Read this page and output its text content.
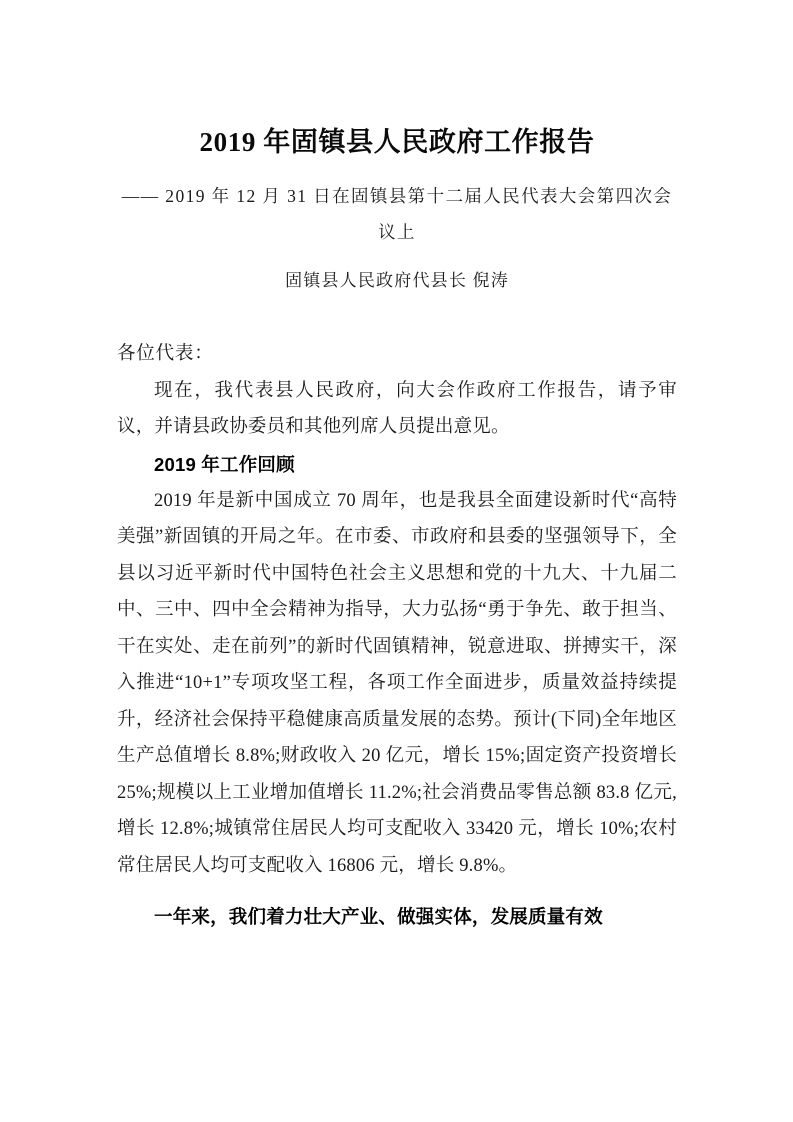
2019 年固镇县人民政府工作报告

—— 2019 年 12 月 31 日在固镇县第十二届人民代表大会第四次会议上

固镇县人民政府代县长 倪涛

各位代表：

现在，我代表县人民政府，向大会作政府工作报告，请予审议，并请县政协委员和其他列席人员提出意见。

2019 年工作回顾

2019 年是新中国成立 70 周年，也是我县全面建设新时代“高特美强”新固镇的开局之年。在市委、市政府和县委的坚强领导下，全县以习近平新时代中国特色社会主义思想和党的十九大、十九届二中、三中、四中全会精神为指导，大力弘扬“勇于争先、敢于担当、干在实处、走在前列”的新时代固镇精神，锐意进取、拼搏实干，深入推进“10+1”专项攻坚工程，各项工作全面进步，质量效益持续提升，经济社会保持平稳健康高质量发展的态势。预计(下同)全年地区生产总值增长 8.8%;财政收入 20 亿元，增长 15%;固定资产投资增长 25%;规模以上工业增加值增长 11.2%;社会消费品零售总额 83.8 亿元, 增长 12.8%;城镇常住居民人均可支配收入 33420 元，增长 10%;农村常住居民人均可支配收入 16806 元，增长 9.8%。

一年来，我们着力壮大产业、做强实体，发展质量有效
